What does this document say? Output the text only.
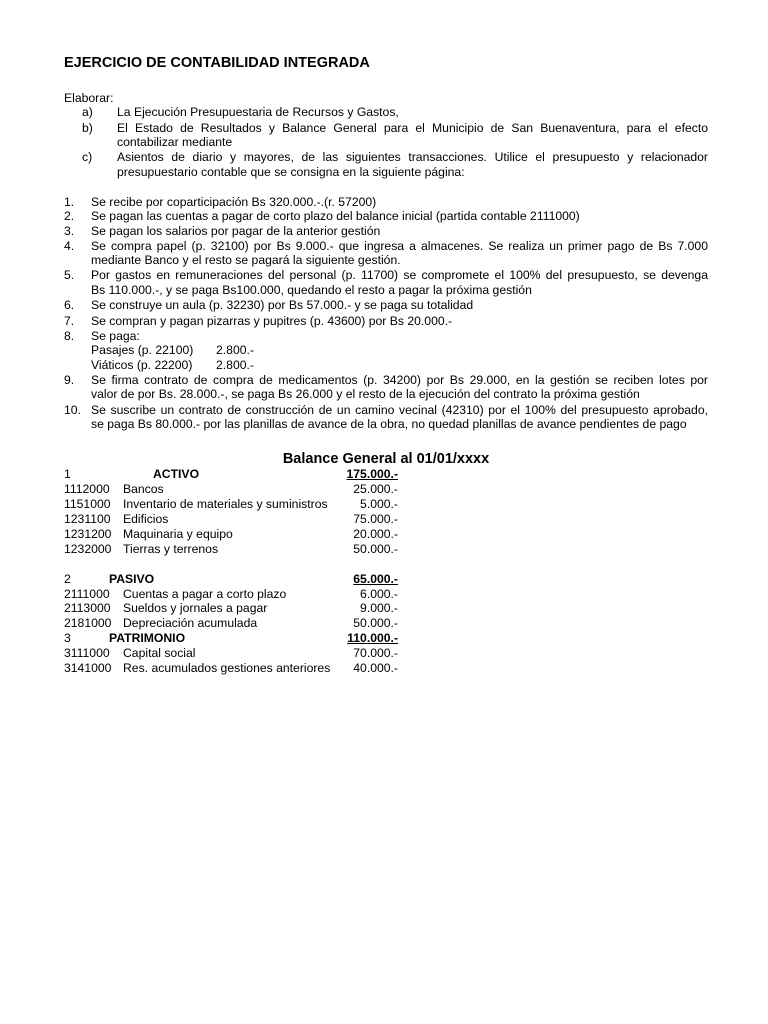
EJERCICIO DE CONTABILIDAD INTEGRADA
Elaborar:
a) La Ejecución Presupuestaria de Recursos y Gastos,
b) El Estado de Resultados y Balance General para el Municipio de San Buenaventura, para el efecto
contabilizar mediante
c) Asientos de diario y mayores, de las siguientes transacciones. Utilice el presupuesto y relacionador
presupuestario contable que se consigna en la siguiente página:
1.	Se recibe por coparticipación Bs 320.000.-.(r. 57200)
2.	Se pagan las cuentas a pagar de corto plazo del balance inicial (partida contable 2111000)
3.	Se pagan los salarios por pagar de la anterior gestión
4.	Se compra papel (p. 32100) por Bs 9.000.- que ingresa a almacenes. Se realiza un primer pago de Bs 7.000
mediante Banco y el resto se pagará la siguiente gestión.
5.	Por gastos en remuneraciones del personal (p. 11700) se compromete el 100% del presupuesto, se devenga
Bs 110.000.-, y se paga Bs100.000, quedando el resto a pagar la próxima gestión
6.	Se construye un aula (p. 32230) por Bs 57.000.- y se paga su totalidad
7.	Se compran y pagan pizarras y pupitres (p. 43600) por Bs 20.000.-
8.	Se paga:
Pasajes (p. 22100) 2.800.-
Viáticos (p. 22200) 2.800.-
9.	Se firma contrato de compra de medicamentos (p. 34200) por Bs 29.000, en la gestión se reciben lotes por
valor de por Bs. 28.000.-, se paga Bs 26.000 y el resto de la ejecución del contrato la próxima gestión
10. Se suscribe un contrato de construcción de un camino vecinal (42310) por el 100% del presupuesto aprobado,
se paga Bs 80.000.- por las planillas de avance de la obra, no quedad planillas de avance pendientes de pago
Balance General al 01/01/xxxx
1	ACTIVO	175.000.-
1112000 Bancos	25.000.-
1151000 Inventario de materiales y suministros	5.000.-
1231100 Edificios	75.000.-
1231200 Maquinaria y equipo	20.000.-
1232000 Tierras y terrenos	50.000.-
2	PASIVO	65.000.-
2111000 Cuentas a pagar a corto plazo	6.000.-
2113000 Sueldos y jornales a pagar	9.000.-
2181000 Depreciación acumulada	50.000.-
3	PATRIMONIO	110.000.-
3111000 Capital social	70.000.-
3141000 Res. acumulados gestiones anteriores 40.000.-
